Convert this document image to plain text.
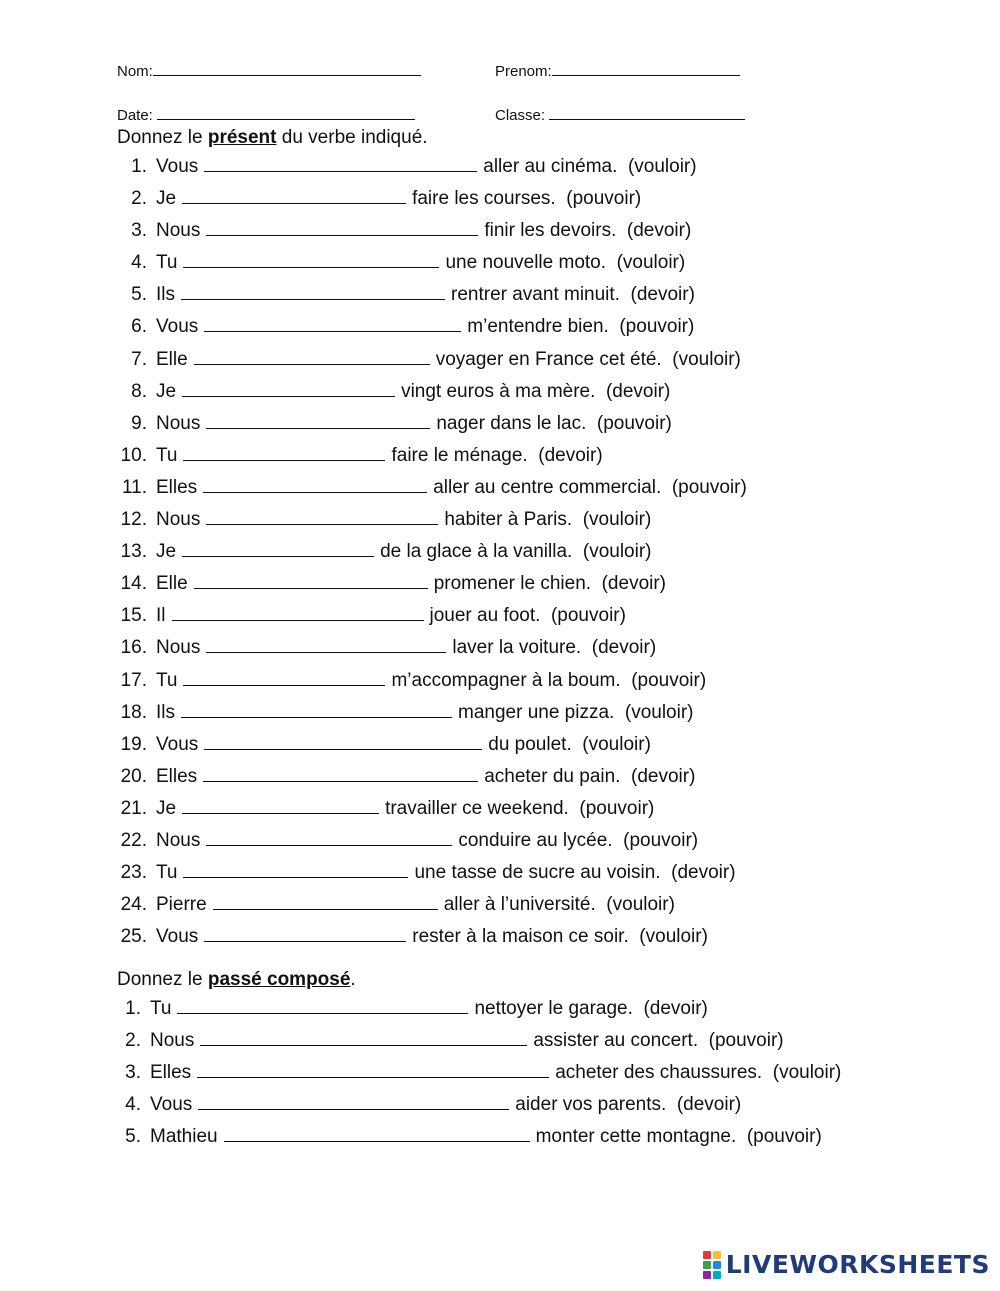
Nom:	Prenom:
Date:	Classe:
Donnez le présent du verbe indiqué.
1. Vous	aller au cinéma.  (vouloir)
2. Je	faire les courses.  (pouvoir)
3. Nous	finir les devoirs.  (devoir)
4. Tu	une nouvelle moto.  (vouloir)
5. Ils	rentrer avant minuit.  (devoir)
6. Vous	m’entendre bien.  (pouvoir)
7. Elle	voyager en France cet été.  (vouloir)
8. Je	vingt euros à ma mère.  (devoir)
9. Nous	nager dans le lac.  (pouvoir)
10. Tu	faire le ménage.  (devoir)
11. Elles	aller au centre commercial.  (pouvoir)
12. Nous	habiter à Paris.  (vouloir)
13. Je	de la glace à la vanilla.  (vouloir)
14. Elle	promener le chien.  (devoir)
15. Il	jouer au foot.  (pouvoir)
16. Nous	laver la voiture.  (devoir)
17. Tu	m’accompagner à la boum.  (pouvoir)
18. Ils	manger une pizza.  (vouloir)
19. Vous	du poulet.  (vouloir)
20. Elles	acheter du pain.  (devoir)
21. Je	travailler ce weekend.  (pouvoir)
22. Nous	conduire au lycée.  (pouvoir)
23. Tu	une tasse de sucre au voisin.  (devoir)
24. Pierre	aller à l’université.  (vouloir)
25. Vous	rester à la maison ce soir.  (vouloir)
Donnez le passé composé.
1. Tu	nettoyer le garage.  (devoir)
2. Nous	assister au concert.  (pouvoir)
3. Elles	acheter des chaussures.  (vouloir)
4. Vous	aider vos parents.  (devoir)
5. Mathieu	monter cette montagne.  (pouvoir)
LIVEWORKSHEETS
